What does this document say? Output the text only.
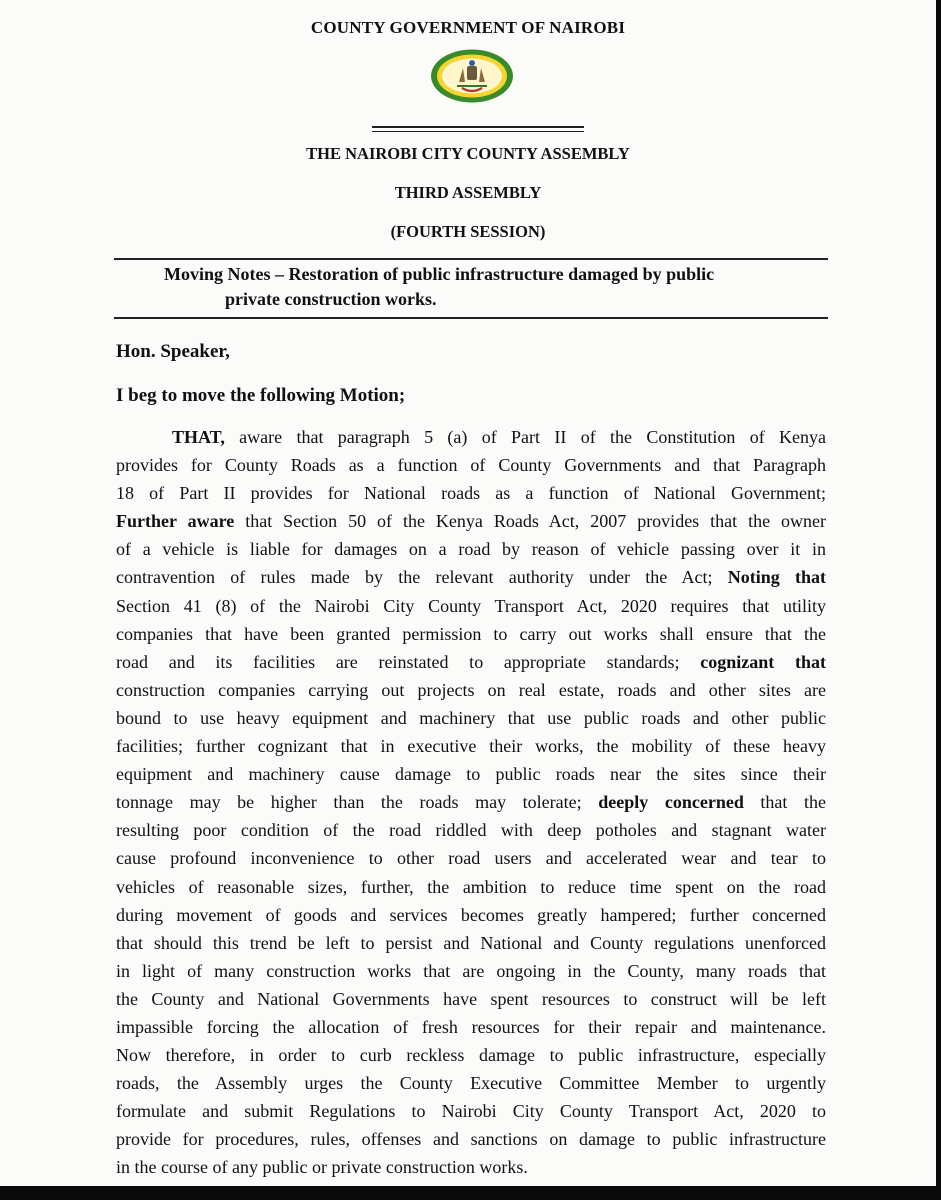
COUNTY GOVERNMENT OF NAIROBI
THE NAIROBI CITY COUNTY ASSEMBLY
THIRD ASSEMBLY
(FOURTH SESSION)
Moving Notes – Restoration of public infrastructure damaged by public
private construction works.
Hon. Speaker,
I beg to move the following Motion;
THAT, aware that paragraph 5 (a) of Part II of the Constitution of Kenya
provides for County Roads as a function of County Governments and that Paragraph
18 of Part II provides for National roads as a function of National Government;
Further aware that Section 50 of the Kenya Roads Act, 2007 provides that the owner
of a vehicle is liable for damages on a road by reason of vehicle passing over it in
contravention of rules made by the relevant authority under the Act; Noting that
Section 41 (8) of the Nairobi City County Transport Act, 2020 requires that utility
companies that have been granted permission to carry out works shall ensure that the
road and its facilities are reinstated to appropriate standards; cognizant that
construction companies carrying out projects on real estate, roads and other sites are
bound to use heavy equipment and machinery that use public roads and other public
facilities; further cognizant that in executive their works, the mobility of these heavy
equipment and machinery cause damage to public roads near the sites since their
tonnage may be higher than the roads may tolerate; deeply concerned that the
resulting poor condition of the road riddled with deep potholes and stagnant water
cause profound inconvenience to other road users and accelerated wear and tear to
vehicles of reasonable sizes, further, the ambition to reduce time spent on the road
during movement of goods and services becomes greatly hampered; further concerned
that should this trend be left to persist and National and County regulations unenforced
in light of many construction works that are ongoing in the County, many roads that
the County and National Governments have spent resources to construct will be left
impassible forcing the allocation of fresh resources for their repair and maintenance.
Now therefore, in order to curb reckless damage to public infrastructure, especially
roads, the Assembly urges the County Executive Committee Member to urgently
formulate and submit Regulations to Nairobi City County Transport Act, 2020 to
provide for procedures, rules, offenses and sanctions on damage to public infrastructure
in the course of any public or private construction works.
